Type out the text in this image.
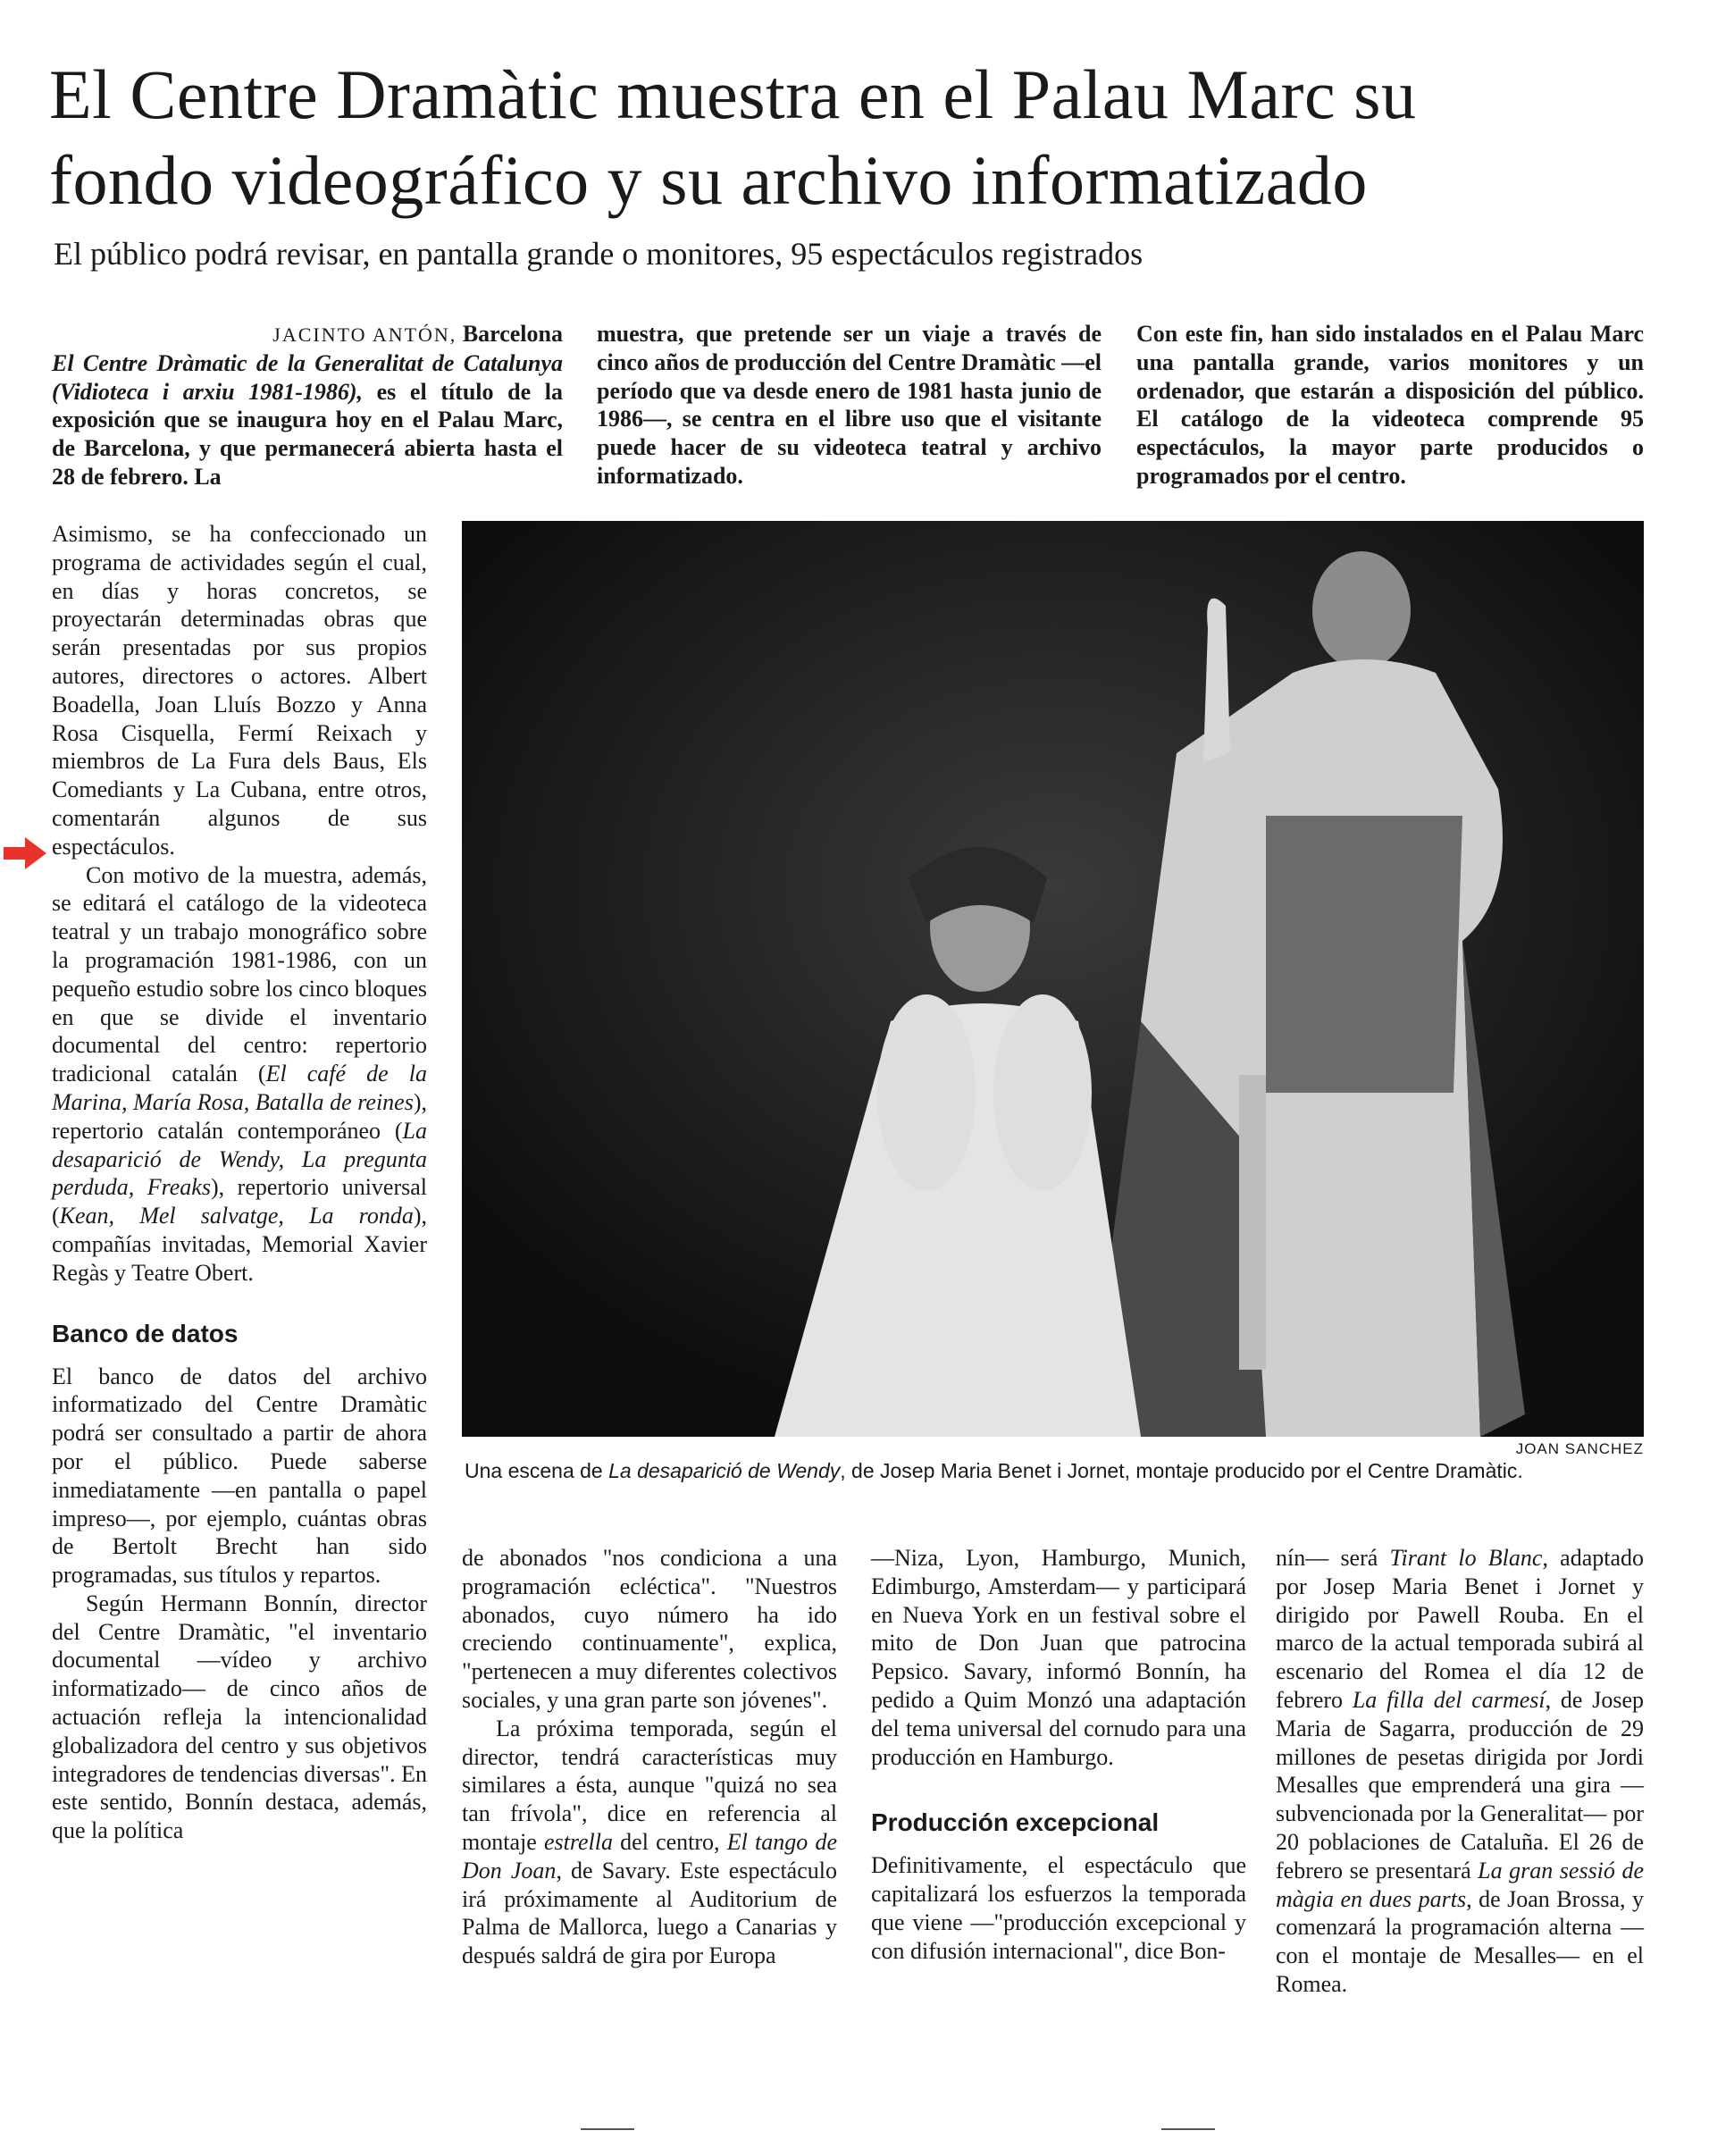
El Centre Dramàtic muestra en el Palau Marc su
fondo videográfico y su archivo informatizado
El público podrá revisar, en pantalla grande o monitores, 95 espectáculos registrados
JACINTO ANTÓN, Barcelona

El Centre Dràmatic de la Generalitat de Catalunya (Vidioteca i arxiu 1981-1986), es el título de la exposición que se inaugura hoy en el Palau Marc, de Barcelona, y que permanecerá abierta hasta el 28 de febrero. La

muestra, que pretende ser un viaje a través de cinco años de producción del Centre Dramàtic —el período que va desde enero de 1981 hasta junio de 1986—, se centra en el libre uso que el visitante puede hacer de su videoteca teatral y archivo informatizado.

Con este fin, han sido instalados en el Palau Marc una pantalla grande, varios monitores y un ordenador, que estarán a disposición del público. El catálogo de la videoteca comprende 95 espectáculos, la mayor parte producidos o programados por el centro.

Asimismo, se ha confeccionado un programa de actividades según el cual, en días y horas concretos, se proyectarán determinadas obras que serán presentadas por sus propios autores, directores o actores. Albert Boadella, Joan Lluís Bozzo y Anna Rosa Cisquella, Fermí Reixach y miembros de La Fura dels Baus, Els Comediants y La Cubana, entre otros, comentarán algunos de sus espectáculos.

Con motivo de la muestra, además, se editará el catálogo de la videoteca teatral y un trabajo monográfico sobre la programación 1981-1986, con un pequeño estudio sobre los cinco bloques en que se divide el inventario documental del centro: repertorio tradicional catalán (El café de la Marina, María Rosa, Batalla de reines), repertorio catalán contemporáneo (La desaparició de Wendy, La pregunta perduda, Freaks), repertorio universal (Kean, Mel salvatge, La ronda), compañías invitadas, Memorial Xavier Regàs y Teatre Obert.

Banco de datos

El banco de datos del archivo informatizado del Centre Dramàtic podrá ser consultado a partir de ahora por el público. Puede saberse inmediatamente —en pantalla o papel impreso—, por ejemplo, cuántas obras de Bertolt Brecht han sido programadas, sus títulos y repartos.

Según Hermann Bonnín, director del Centre Dramàtic, "el inventario documental —vídeo y archivo informatizado— de cinco años de actuación refleja la intencionalidad globalizadora del centro y sus objetivos integradores de tendencias diversas". En este sentido, Bonnín destaca, además, que la política

JOAN SANCHEZ
Una escena de La desaparició de Wendy, de Josep Maria Benet i Jornet, montaje producido por el Centre Dramàtic.

de abonados "nos condiciona a una programación ecléctica". "Nuestros abonados, cuyo número ha ido creciendo continuamente", explica, "pertenecen a muy diferentes colectivos sociales, y una gran parte son jóvenes".

La próxima temporada, según el director, tendrá características muy similares a ésta, aunque "quizá no sea tan frívola", dice en referencia al montaje estrella del centro, El tango de Don Joan, de Savary. Este espectáculo irá próximamente al Auditorium de Palma de Mallorca, luego a Canarias y después saldrá de gira por Europa

—Niza, Lyon, Hamburgo, Munich, Edimburgo, Amsterdam— y participará en Nueva York en un festival sobre el mito de Don Juan que patrocina Pepsico. Savary, informó Bonnín, ha pedido a Quim Monzó una adaptación del tema universal del cornudo para una producción en Hamburgo.

Producción excepcional

Definitivamente, el espectáculo que capitalizará los esfuerzos la temporada que viene —"producción excepcional y con difusión internacional", dice Bon-

nín— será Tirant lo Blanc, adaptado por Josep Maria Benet i Jornet y dirigido por Pawell Rouba. En el marco de la actual temporada subirá al escenario del Romea el día 12 de febrero La filla del carmesí, de Josep Maria de Sagarra, producción de 29 millones de pesetas dirigida por Jordi Mesalles que emprenderá una gira —subvencionada por la Generalitat— por 20 poblaciones de Cataluña. El 26 de febrero se presentará La gran sessió de màgia en dues parts, de Joan Brossa, y comenzará la programación alterna —con el montaje de Mesalles— en el Romea.
